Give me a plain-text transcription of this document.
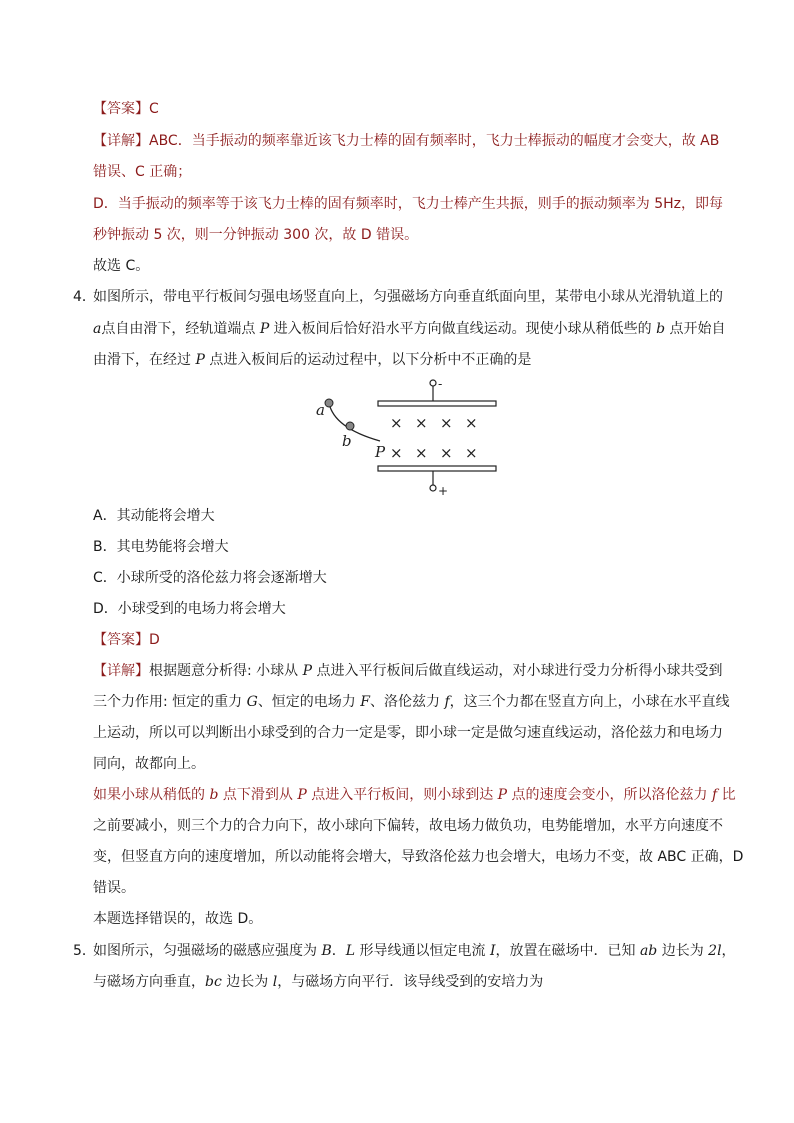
【答案】C
【详解】ABC．当手振动的频率靠近该飞力士棒的固有频率时，飞力士棒振动的幅度才会变大，故 AB
错误、C 正确；
D．当手振动的频率等于该飞力士棒的固有频率时，飞力士棒产生共振，则手的振动频率为 5Hz，即每
秒钟振动 5 次，则一分钟振动 300 次，故 D 错误。
故选 C。
4．
如图所示，带电平行板间匀强电场竖直向上，匀强磁场方向垂直纸面向里，某带电小球从光滑轨道上的
a点自由滑下，经轨道端点 P 进入板间后恰好沿水平方向做直线运动。现使小球从稍低些的 b 点开始自
由滑下，在经过 P 点进入板间后的运动过程中，以下分析中不正确的是
-
× × × ×
× × × ×
+
a
b
P
A．其动能将会增大
B．其电势能将会增大
C．小球所受的洛伦兹力将会逐渐增大
D．小球受到的电场力将会增大
【答案】D
【详解】根据题意分析得: 小球从 P 点进入平行板间后做直线运动，对小球进行受力分析得小球共受到
三个力作用: 恒定的重力 G、恒定的电场力 F、洛伦兹力 f，这三个力都在竖直方向上，小球在水平直线
上运动，所以可以判断出小球受到的合力一定是零，即小球一定是做匀速直线运动，洛伦兹力和电场力
同向，故都向上。
如果小球从稍低的 b 点下滑到从 P 点进入平行板间，则小球到达 P 点的速度会变小，所以洛伦兹力 f 比
之前要减小，则三个力的合力向下，故小球向下偏转，故电场力做负功，电势能增加，水平方向速度不
变，但竖直方向的速度增加，所以动能将会增大，导致洛伦兹力也会增大，电场力不变，故 ABC 正确，D
错误。
本题选择错误的，故选 D。
5．
如图所示，匀强磁场的磁感应强度为 B．L 形导线通以恒定电流 I，放置在磁场中．已知 ab 边长为 2l，
与磁场方向垂直，bc 边长为 l，与磁场方向平行．该导线受到的安培力为
